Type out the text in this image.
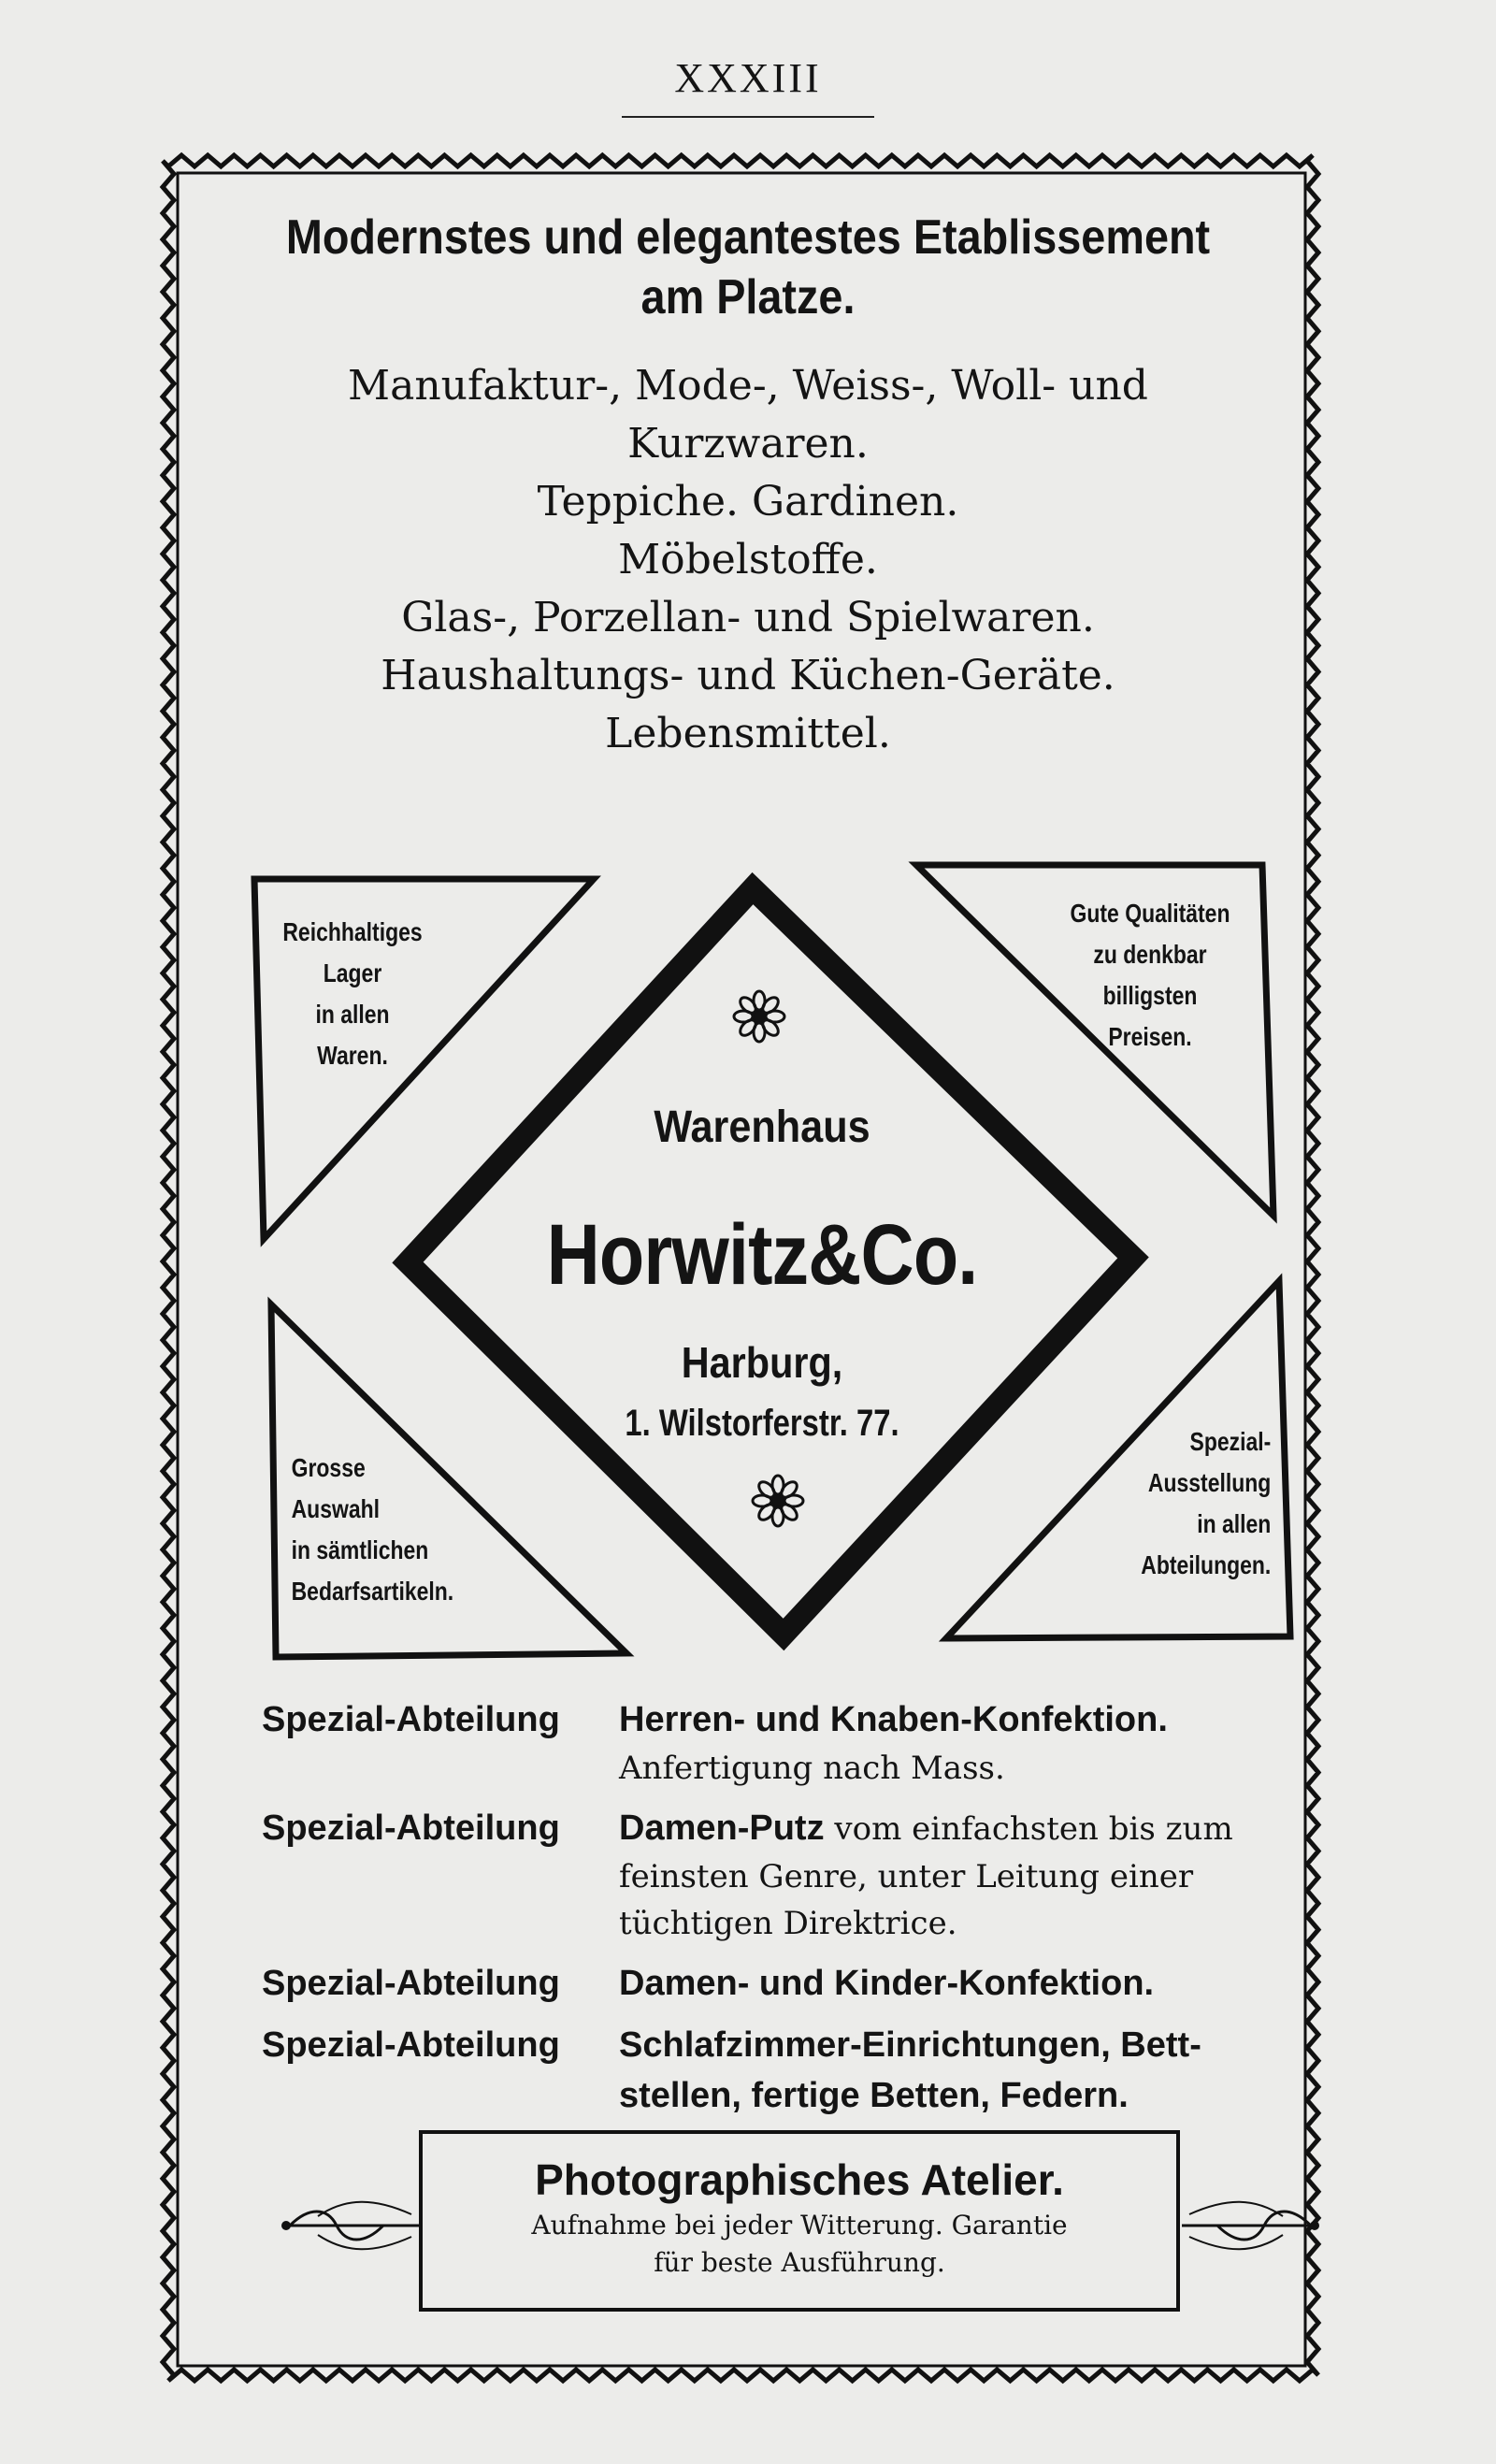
XXXIII
Modernstes und elegantestes Etablissement
am Platze.
Manufaktur-, Mode-, Weiss-, Woll- und
Kurzwaren.
Teppiche. Gardinen.
Möbelstoffe.
Glas-, Porzellan- und Spielwaren.
Haushaltungs- und Küchen-Geräte.
Lebensmittel.
Reichhaltiges
Lager
in allen
Waren.
Gute Qualitäten
zu denkbar
billigsten
Preisen.
Grosse
Auswahl
in sämtlichen
Bedarfsartikeln.
Spezial-
Ausstellung
in allen
Abteilungen.
Warenhaus
Horwitz&Co.
Harburg,
1. Wilstorferstr. 77.
Spezial-Abteilung	Herren- und Knaben-Konfektion.
Anfertigung nach Mass.
Spezial-Abteilung	Damen-Putz vom einfachsten bis zum
feinsten Genre, unter Leitung einer
tüchtigen Direktrice.
Spezial-Abteilung	Damen- und Kinder-Konfektion.
Spezial-Abteilung	Schlafzimmer-Einrichtungen, Bett-
stellen, fertige Betten, Federn.
Photographisches Atelier.
Aufnahme bei jeder Witterung. Garantie
für beste Ausführung.
